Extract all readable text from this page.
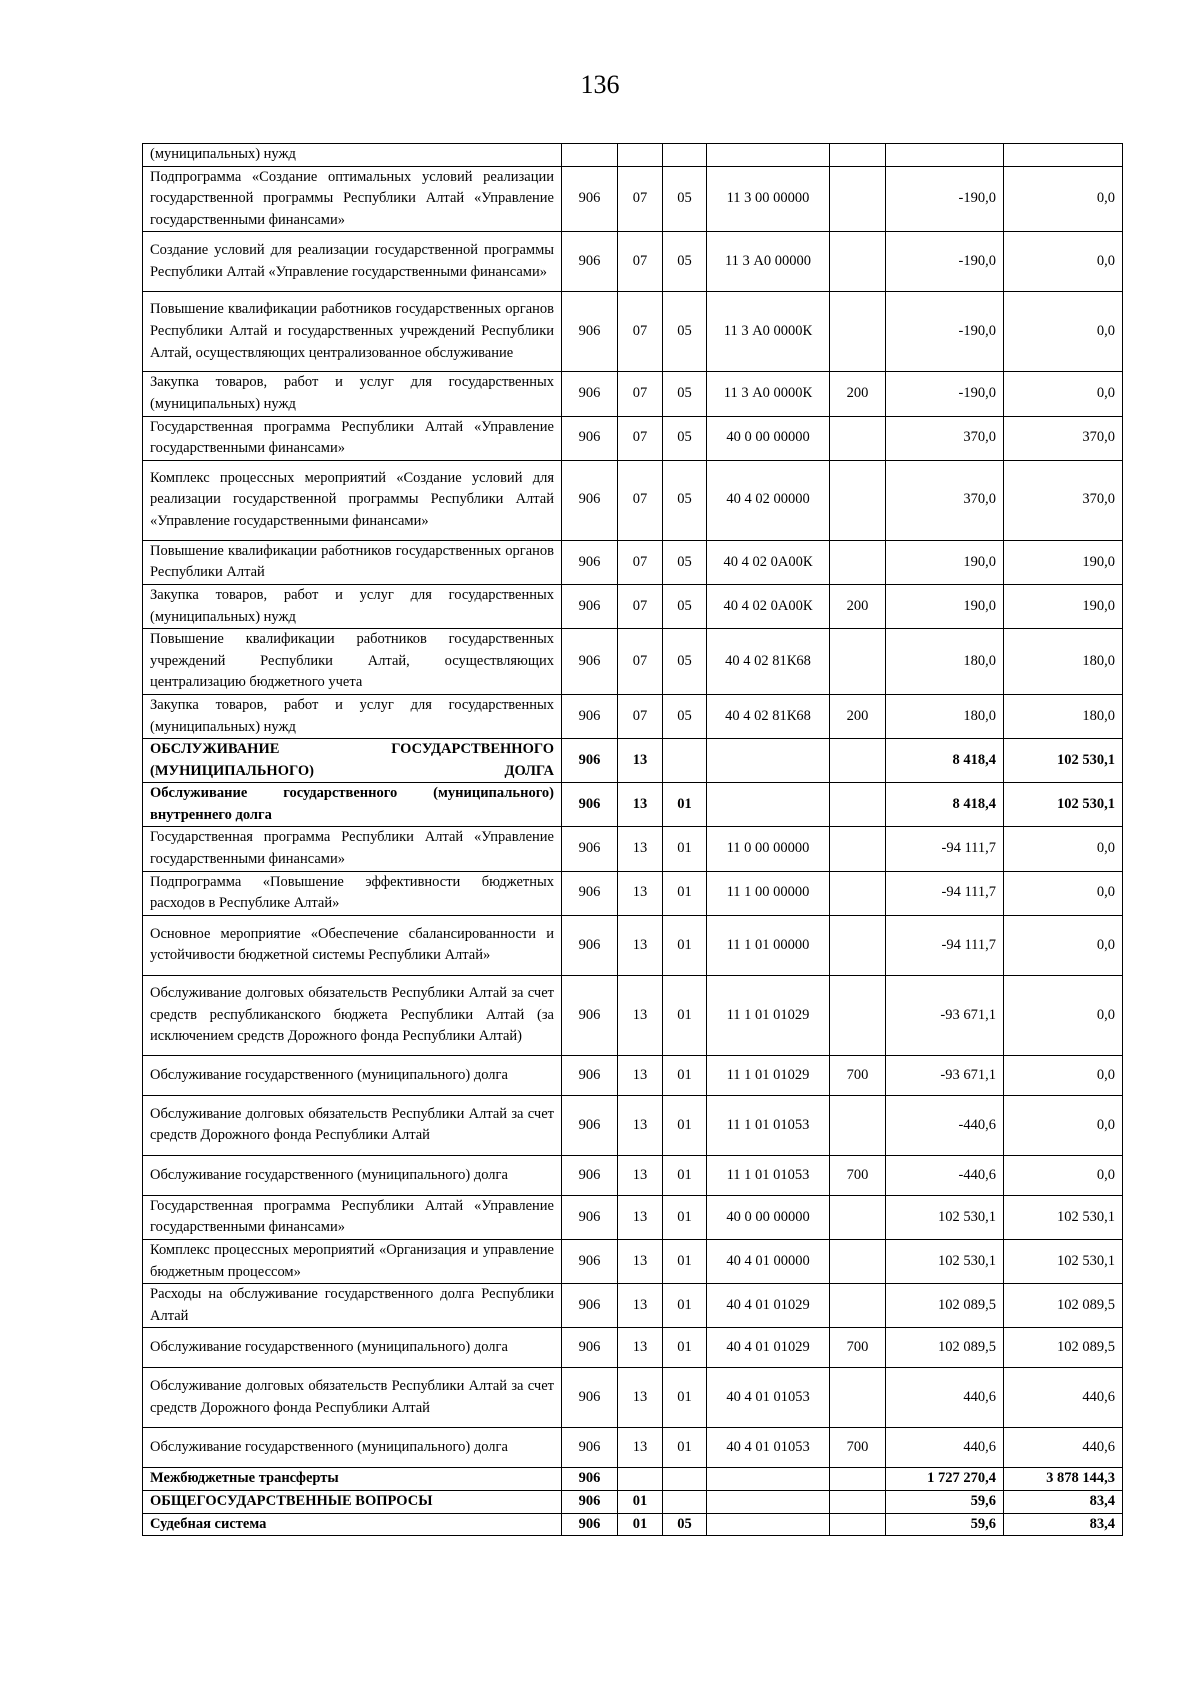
136
(муниципальных) нужд							
Подпрограмма «Создание оптимальных условий реализации государственной программы Республики Алтай «Управление государственными финансами»	906	07	05	11 3 00 00000		-190,0	0,0
Создание условий для реализации государственной программы Республики Алтай «Управление государственными финансами»	906	07	05	11 3 А0 00000		-190,0	0,0
Повышение квалификации работников государственных органов Республики Алтай и государственных учреждений Республики Алтай, осуществляющих централизованное обслуживание	906	07	05	11 3 А0 0000К		-190,0	0,0
Закупка товаров, работ и услуг для государственных (муниципальных) нужд	906	07	05	11 3 А0 0000К	200	-190,0	0,0
Государственная программа Республики Алтай «Управление государственными финансами»	906	07	05	40 0 00 00000		370,0	370,0
Комплекс процессных мероприятий «Создание условий для реализации государственной программы Республики Алтай «Управление государственными финансами»	906	07	05	40 4 02 00000		370,0	370,0
Повышение квалификации работников государственных органов Республики Алтай	906	07	05	40 4 02 0А00К		190,0	190,0
Закупка товаров, работ и услуг для государственных (муниципальных) нужд	906	07	05	40 4 02 0А00К	200	190,0	190,0
Повышение квалификации работников государственных учреждений Республики Алтай, осуществляющих централизацию бюджетного учета	906	07	05	40 4 02 81К68		180,0	180,0
Закупка товаров, работ и услуг для государственных (муниципальных) нужд	906	07	05	40 4 02 81К68	200	180,0	180,0
ОБСЛУЖИВАНИЕ ГОСУДАРСТВЕННОГО (МУНИЦИПАЛЬНОГО) ДОЛГА	906	13				8 418,4	102 530,1
Обслуживание государственного (муниципального) внутреннего долга	906	13	01			8 418,4	102 530,1
Государственная программа Республики Алтай «Управление государственными финансами»	906	13	01	11 0 00 00000		-94 111,7	0,0
Подпрограмма «Повышение эффективности бюджетных расходов в Республике Алтай»	906	13	01	11 1 00 00000		-94 111,7	0,0
Основное мероприятие «Обеспечение сбалансированности и устойчивости бюджетной системы Республики Алтай»	906	13	01	11 1 01 00000		-94 111,7	0,0
Обслуживание долговых обязательств Республики Алтай за счет средств республиканского бюджета Республики Алтай (за исключением средств Дорожного фонда Республики Алтай)	906	13	01	11 1 01 01029		-93 671,1	0,0
Обслуживание государственного (муниципального) долга	906	13	01	11 1 01 01029	700	-93 671,1	0,0
Обслуживание долговых обязательств Республики Алтай за счет средств Дорожного фонда Республики Алтай	906	13	01	11 1 01 01053		-440,6	0,0
Обслуживание государственного (муниципального) долга	906	13	01	11 1 01 01053	700	-440,6	0,0
Государственная программа Республики Алтай «Управление государственными финансами»	906	13	01	40 0 00 00000		102 530,1	102 530,1
Комплекс процессных мероприятий «Организация и управление бюджетным процессом»	906	13	01	40 4 01 00000		102 530,1	102 530,1
Расходы на обслуживание государственного долга Республики Алтай	906	13	01	40 4 01 01029		102 089,5	102 089,5
Обслуживание государственного (муниципального) долга	906	13	01	40 4 01 01029	700	102 089,5	102 089,5
Обслуживание долговых обязательств Республики Алтай за счет средств Дорожного фонда Республики Алтай	906	13	01	40 4 01 01053		440,6	440,6
Обслуживание государственного (муниципального) долга	906	13	01	40 4 01 01053	700	440,6	440,6
Межбюджетные трансферты	906					1 727 270,4	3 878 144,3
ОБЩЕГОСУДАРСТВЕННЫЕ ВОПРОСЫ	906	01				59,6	83,4
Судебная система	906	01	05			59,6	83,4
